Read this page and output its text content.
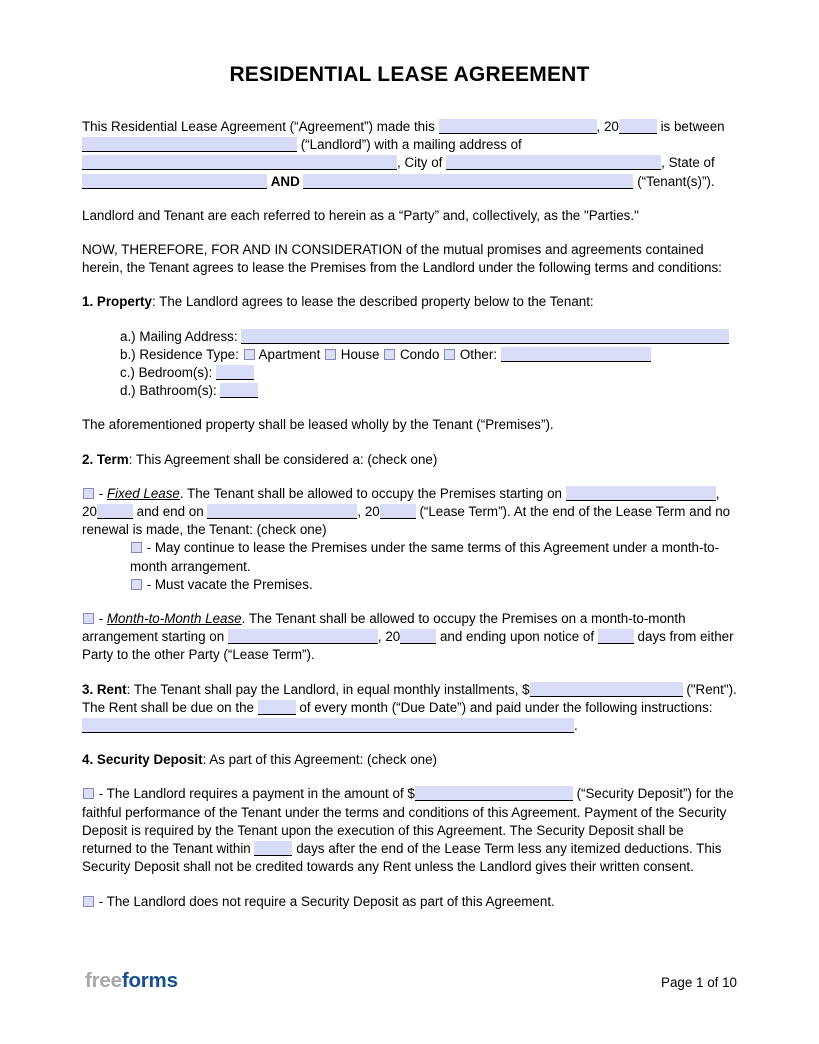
RESIDENTIAL LEASE AGREEMENT

This Residential Lease Agreement (“Agreement”) made this	, 20	is between  (“Landlord”) with a mailing address of , City of	, State of  AND	(“Tenant(s)”).

Landlord and Tenant are each referred to herein as a “Party” and, collectively, as the "Parties."

NOW, THEREFORE, FOR AND IN CONSIDERATION of the mutual promises and agreements contained herein, the Tenant agrees to lease the Premises from the Landlord under the following terms and conditions:

1. Property: The Landlord agrees to lease the described property below to the Tenant:

a.) Mailing Address:

b.) Residence Type:  Apartment  House  Condo  Other:

c.) Bedroom(s):

d.) Bathroom(s):

The aforementioned property shall be leased wholly by the Tenant (“Premises”).

2. Term: This Agreement shall be considered a: (check one)

- Fixed Lease. The Tenant shall be allowed to occupy the Premises starting on	, 20	and end on	, 20	(“Lease Term”). At the end of the Lease Term and no renewal is made, the Tenant: (check one)

- May continue to lease the Premises under the same terms of this Agreement under a month-to-month arrangement.

- Must vacate the Premises.

- Month-to-Month Lease. The Tenant shall be allowed to occupy the Premises on a month-to-month arrangement starting on	, 20	and ending upon notice of	days from either Party to the other Party (“Lease Term”).

3. Rent: The Tenant shall pay the Landlord, in equal monthly installments, $	("Rent"). The Rent shall be due on the	of every month (“Due Date”) and paid under the following instructions: .

4. Security Deposit: As part of this Agreement: (check one)

- The Landlord requires a payment in the amount of $	(“Security Deposit”) for the faithful performance of the Tenant under the terms and conditions of this Agreement. Payment of the Security Deposit is required by the Tenant upon the execution of this Agreement. The Security Deposit shall be returned to the Tenant within	days after the end of the Lease Term less any itemized deductions. This Security Deposit shall not be credited towards any Rent unless the Landlord gives their written consent.

- The Landlord does not require a Security Deposit as part of this Agreement.

freeforms	Page 1 of 10
